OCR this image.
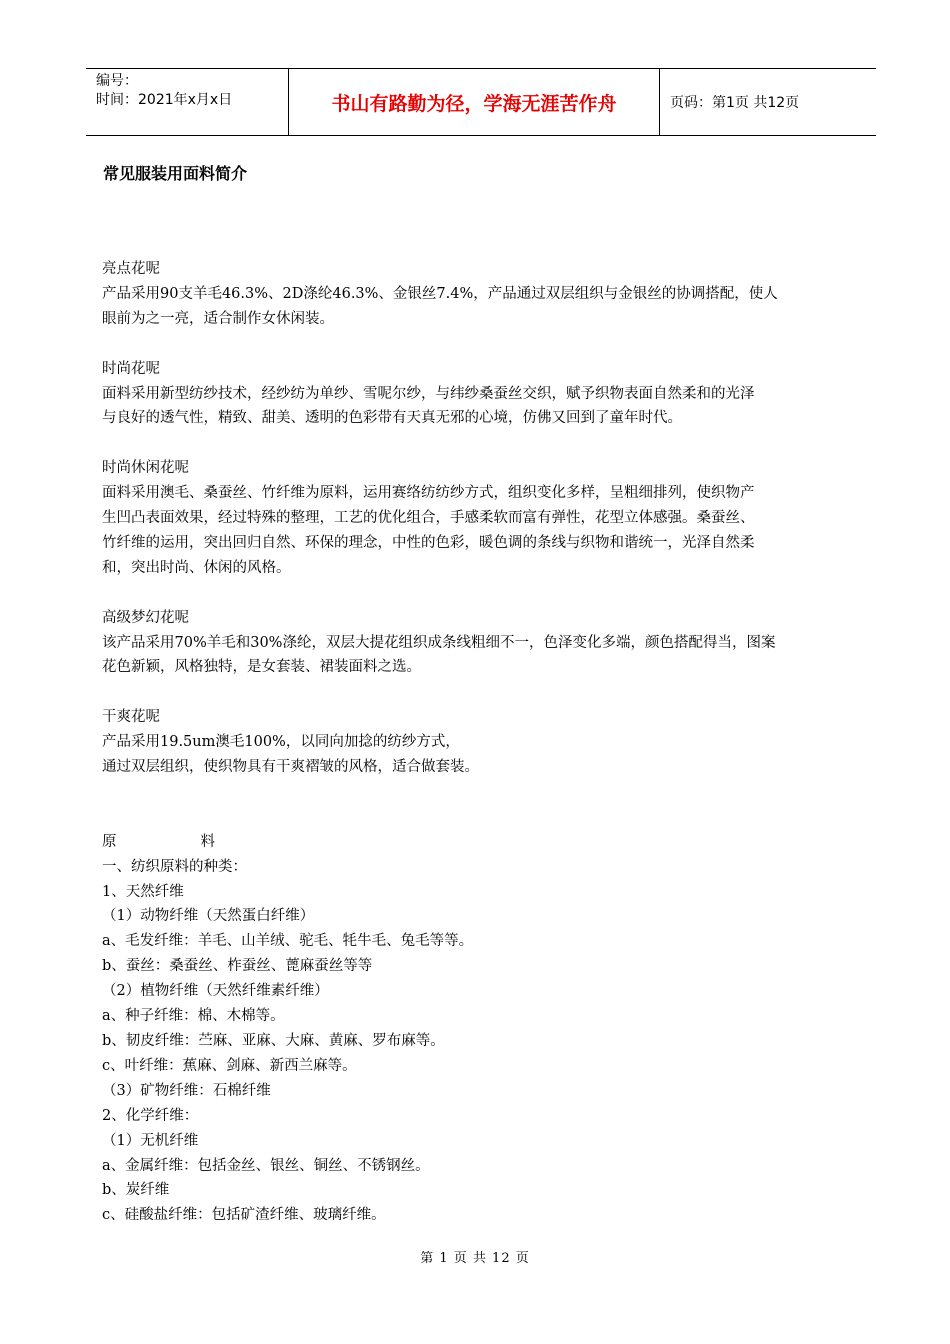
编号：
时间：2021年x月x日	书山有路勤为径，学海无涯苦作舟	页码：第1页 共12页
常见服装用面料简介

亮点花呢

产品采用90支羊毛46.3%、2D涤纶46.3%、金银丝7.4%，产品通过双层组织与金银丝的协调搭配，使人

眼前为之一亮，适合制作女休闲装。

时尚花呢

面料采用新型纺纱技术，经纱纺为单纱、雪呢尔纱，与纬纱桑蚕丝交织，赋予织物表面自然柔和的光泽

与良好的透气性，精致、甜美、透明的色彩带有天真无邪的心境，仿佛又回到了童年时代。

时尚休闲花呢

面料采用澳毛、桑蚕丝、竹纤维为原料，运用赛络纺纺纱方式，组织变化多样，呈粗细排列，使织物产

生凹凸表面效果，经过特殊的整理，工艺的优化组合，手感柔软而富有弹性，花型立体感强。桑蚕丝、

竹纤维的运用，突出回归自然、环保的理念，中性的色彩，暖色调的条线与织物和谐统一，光泽自然柔

和，突出时尚、休闲的风格。

高级梦幻花呢

该产品采用70%羊毛和30%涤纶，双层大提花组织成条线粗细不一，色泽变化多端，颜色搭配得当，图案

花色新颖，风格独特，是女套装、裙装面料之选。

干爽花呢

产品采用19.5um澳毛100%，以同向加捻的纺纱方式，

通过双层组织，使织物具有干爽褶皱的风格，适合做套装。

原	料

一、纺织原料的种类：

1、天然纤维

（1）动物纤维（天然蛋白纤维）

a、毛发纤维：羊毛、山羊绒、驼毛、牦牛毛、兔毛等等。

b、蚕丝：桑蚕丝、柞蚕丝、蓖麻蚕丝等等

（2）植物纤维（天然纤维素纤维）

a、种子纤维：棉、木棉等。

b、韧皮纤维：苎麻、亚麻、大麻、黄麻、罗布麻等。

c、叶纤维：蕉麻、剑麻、新西兰麻等。

（3）矿物纤维：石棉纤维

2、化学纤维：

（1）无机纤维

a、金属纤维：包括金丝、银丝、铜丝、不锈钢丝。

b、炭纤维

c、硅酸盐纤维：包括矿渣纤维、玻璃纤维。

第 1 页 共 12 页
